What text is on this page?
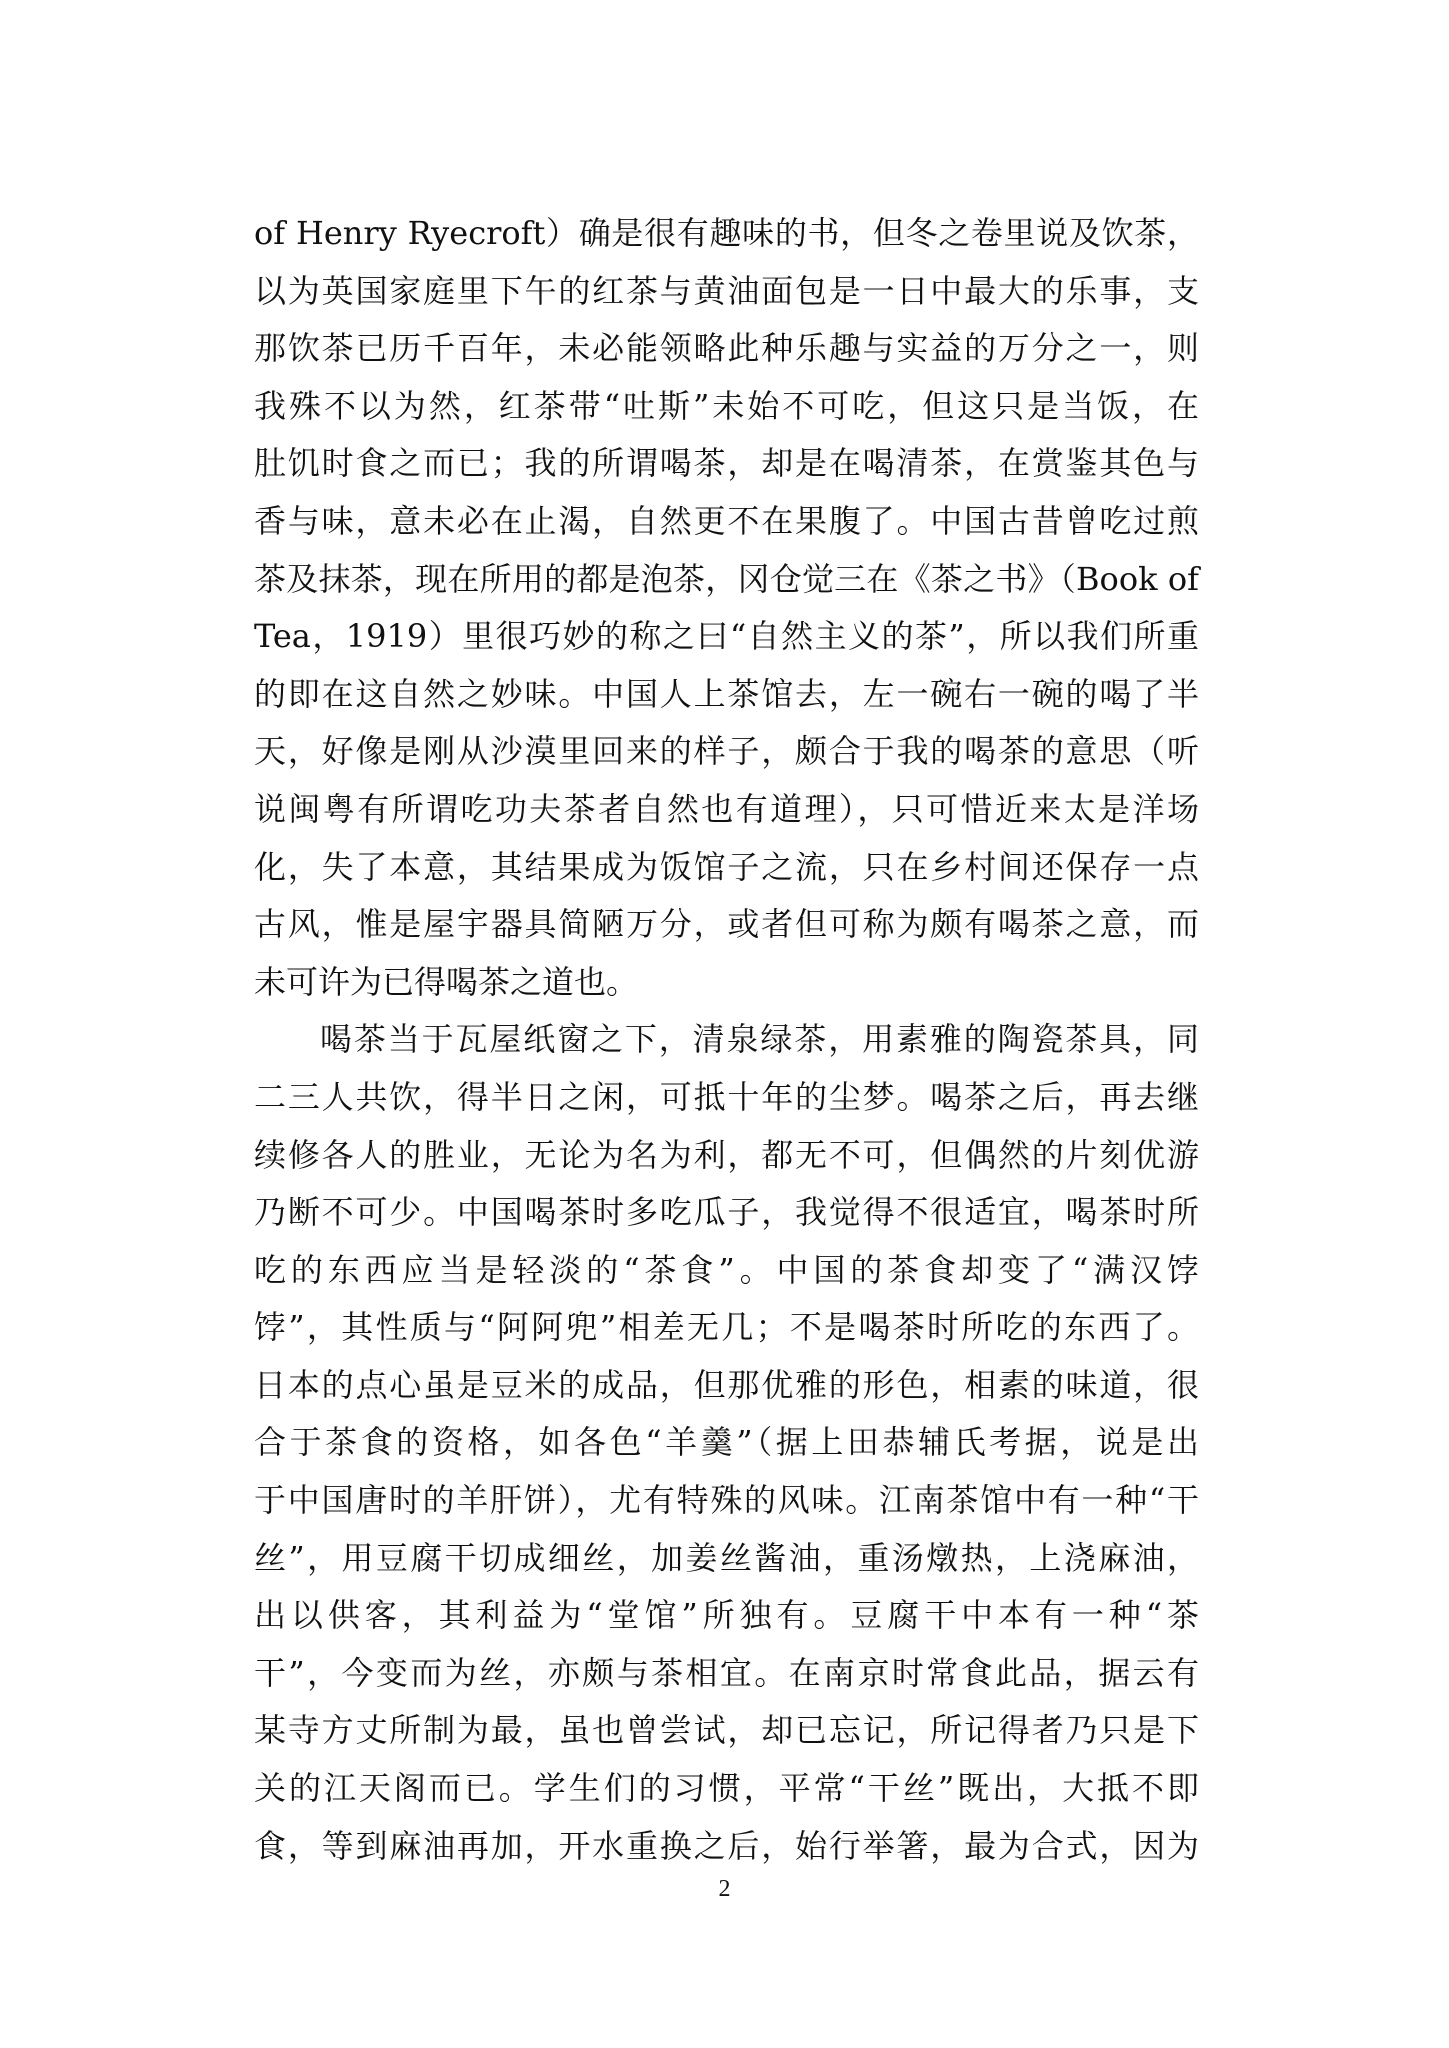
of Henry Ryecroft）确是很有趣味的书，但冬之卷里说及饮茶，
以为英国家庭里下午的红茶与黄油面包是一日中最大的乐事，支
那饮茶已历千百年，未必能领略此种乐趣与实益的万分之一，则
我殊不以为然，红茶带“吐斯”未始不可吃，但这只是当饭，在
肚饥时食之而已；我的所谓喝茶，却是在喝清茶，在赏鉴其色与
香与味，意未必在止渴，自然更不在果腹了。中国古昔曾吃过煎
茶及抹茶，现在所用的都是泡茶，冈仓觉三在《茶之书》（Book of
Tea，1919）里很巧妙的称之曰“自然主义的茶”，所以我们所重
的即在这自然之妙味。中国人上茶馆去，左一碗右一碗的喝了半
天，好像是刚从沙漠里回来的样子，颇合于我的喝茶的意思（听
说闽粤有所谓吃功夫茶者自然也有道理），只可惜近来太是洋场
化，失了本意，其结果成为饭馆子之流，只在乡村间还保存一点
古风，惟是屋宇器具简陋万分，或者但可称为颇有喝茶之意，而
未可许为已得喝茶之道也。
喝茶当于瓦屋纸窗之下，清泉绿茶，用素雅的陶瓷茶具，同
二三人共饮，得半日之闲，可抵十年的尘梦。喝茶之后，再去继
续修各人的胜业，无论为名为利，都无不可，但偶然的片刻优游
乃断不可少。中国喝茶时多吃瓜子，我觉得不很适宜，喝茶时所
吃的东西应当是轻淡的“茶食”。中国的茶食却变了“满汉饽
饽”，其性质与“阿阿兜”相差无几；不是喝茶时所吃的东西了。
日本的点心虽是豆米的成品，但那优雅的形色，相素的味道，很
合于茶食的资格，如各色“羊羹”（据上田恭辅氏考据，说是出
于中国唐时的羊肝饼），尤有特殊的风味。江南茶馆中有一种“干
丝”，用豆腐干切成细丝，加姜丝酱油，重汤燉热，上浇麻油，
出以供客，其利益为“堂馆”所独有。豆腐干中本有一种“茶
干”，今变而为丝，亦颇与茶相宜。在南京时常食此品，据云有
某寺方丈所制为最，虽也曾尝试，却已忘记，所记得者乃只是下
关的江天阁而已。学生们的习惯，平常“干丝”既出，大抵不即
食，等到麻油再加，开水重换之后，始行举箸，最为合式，因为
2
